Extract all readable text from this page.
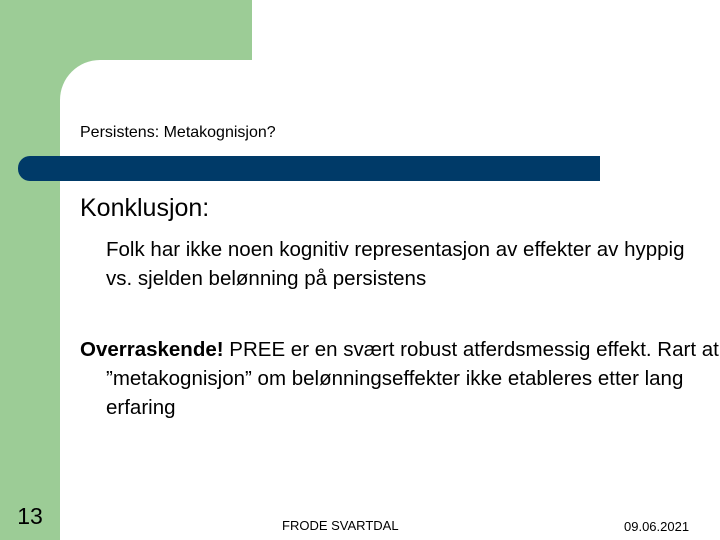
Persistens: Metakognisjon?
Konklusjon:
Folk har ikke noen kognitiv representasjon av effekter av hyppig vs. sjelden belønning på persistens
Overraskende! PREE er en svært robust atferdsmessig effekt. Rart at ”metakognisjon” om belønningseffekter ikke etableres etter lang erfaring
13	FRODE SVARTDAL	09.06.2021
